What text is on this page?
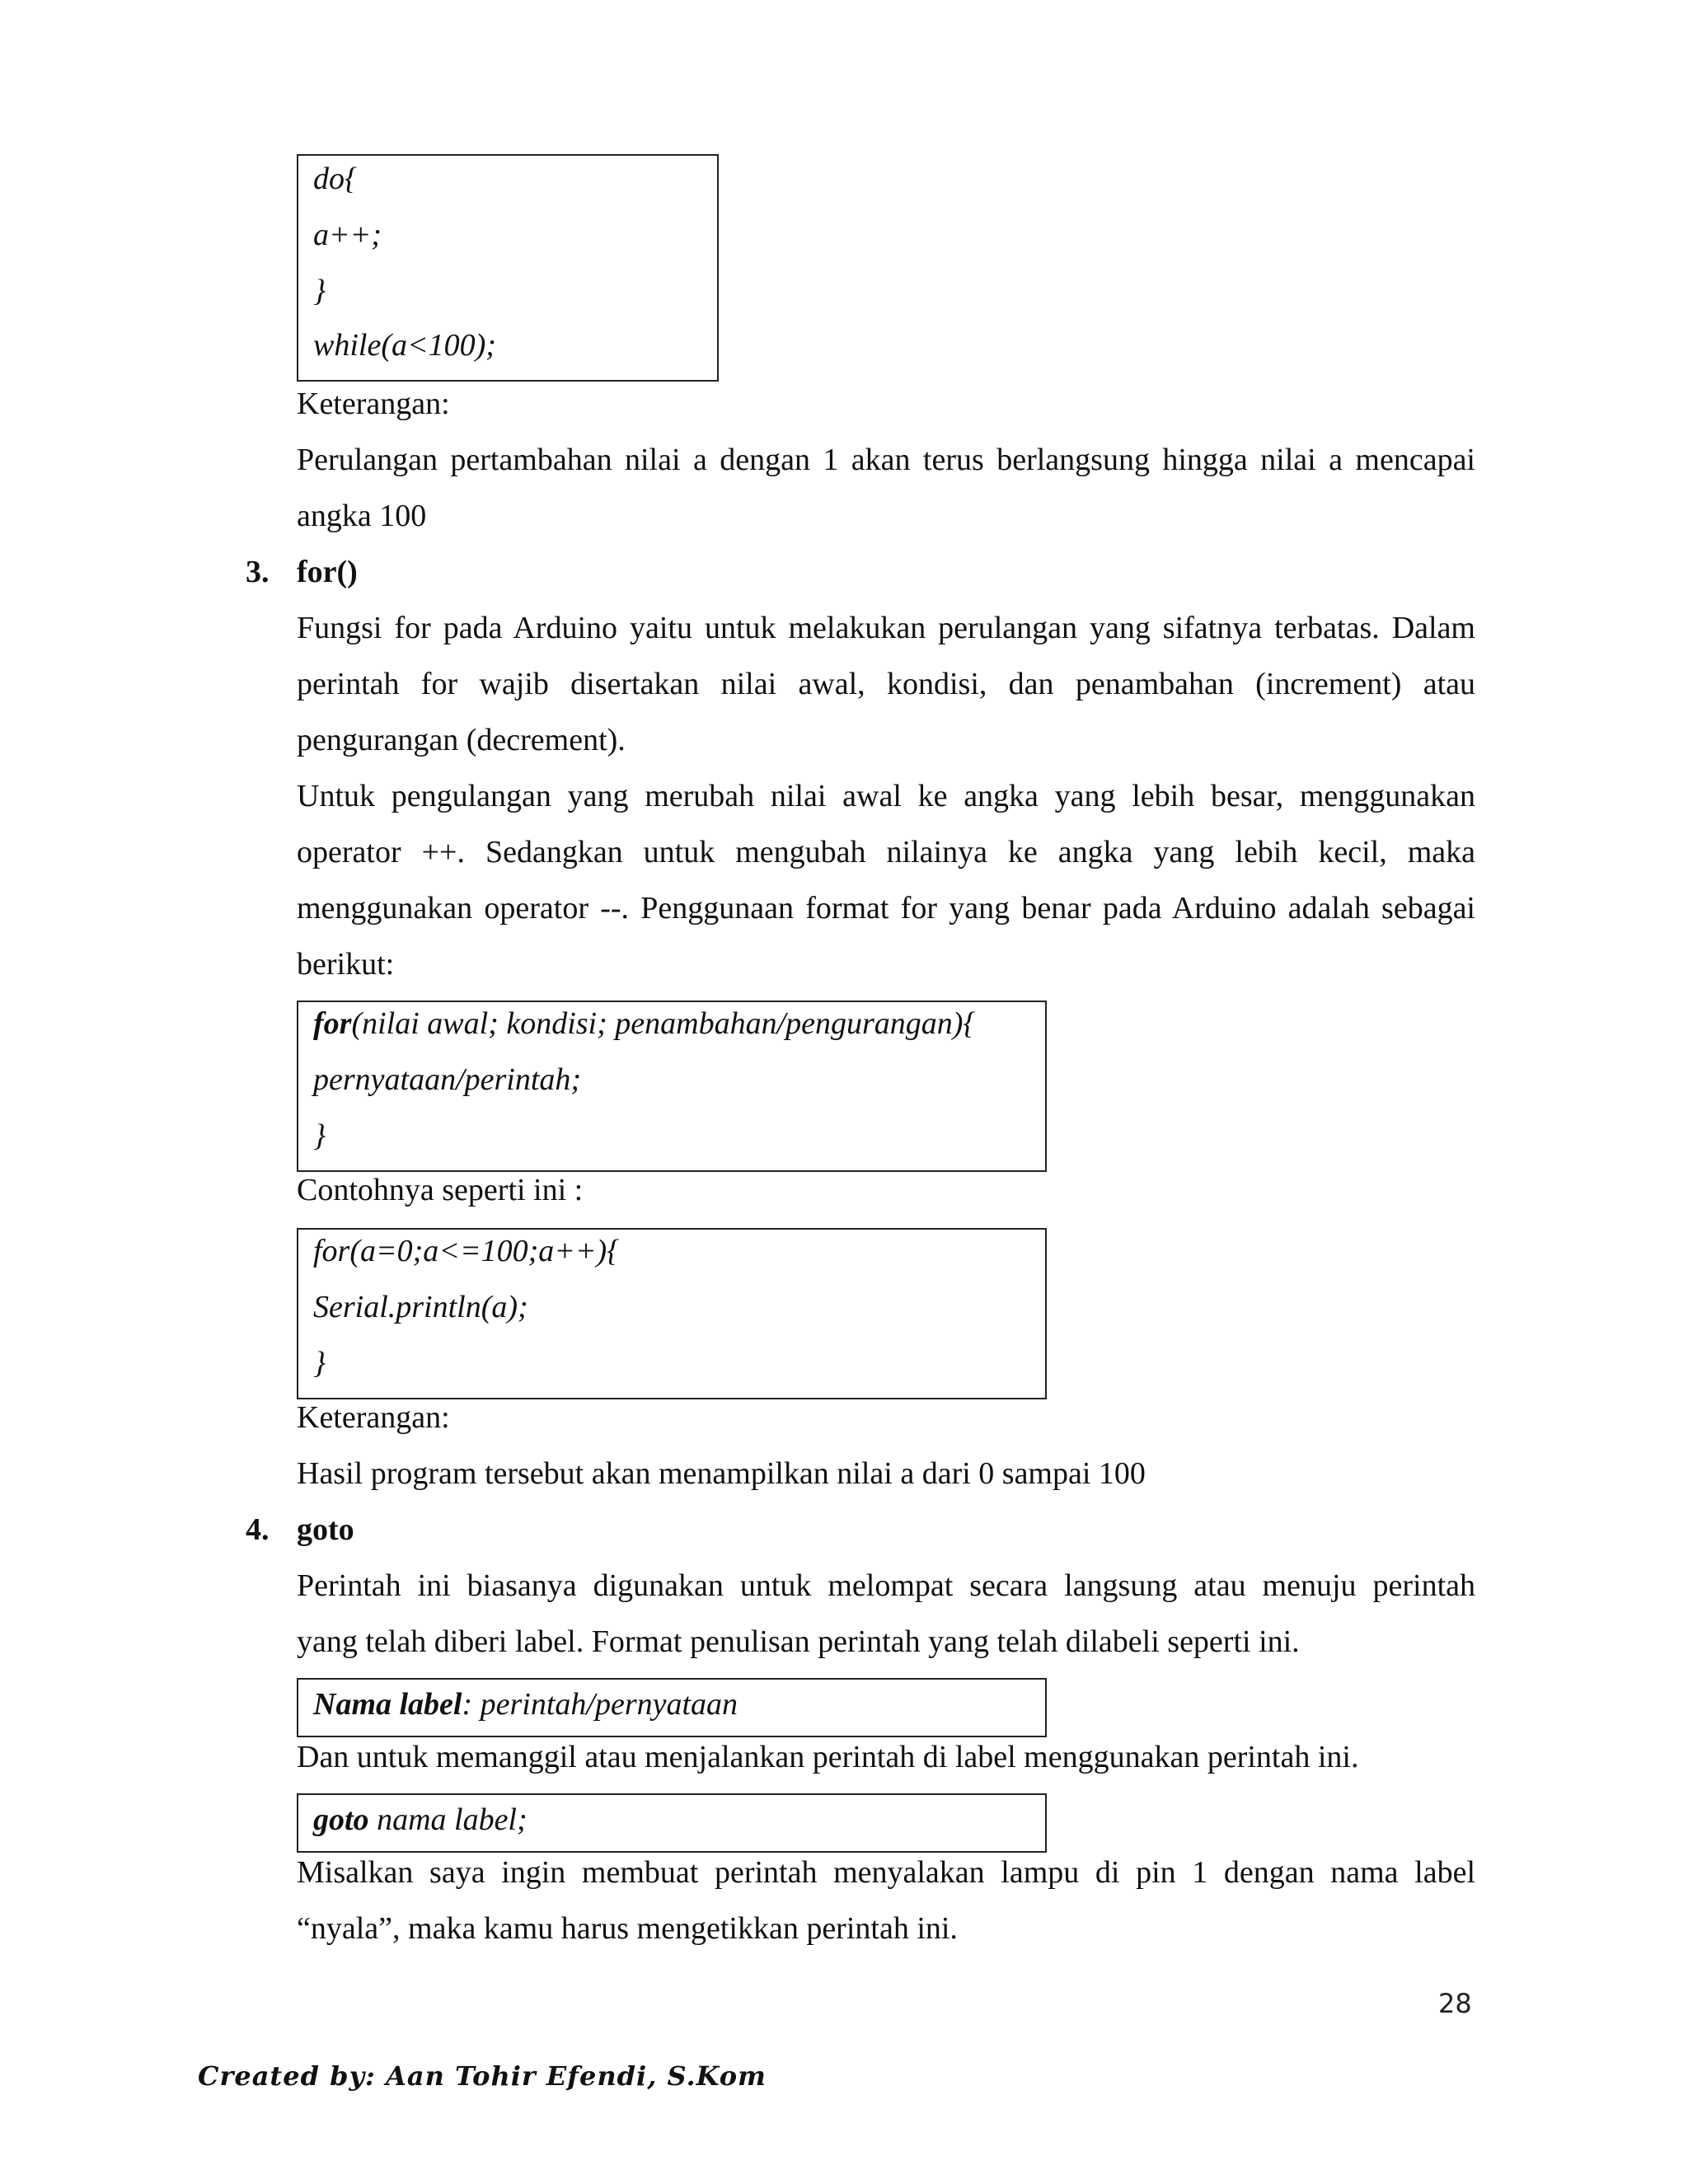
do{
a++;
}
while(a<100);
Keterangan:
Perulangan pertambahan nilai a dengan 1 akan terus berlangsung hingga nilai a mencapai
angka 100
3. for()
Fungsi for pada Arduino yaitu untuk melakukan perulangan yang sifatnya terbatas. Dalam
perintah for wajib disertakan nilai awal, kondisi, dan penambahan (increment) atau
pengurangan (decrement).
Untuk pengulangan yang merubah nilai awal ke angka yang lebih besar, menggunakan
operator ++. Sedangkan untuk mengubah nilainya ke angka yang lebih kecil, maka
menggunakan operator --. Penggunaan format for yang benar pada Arduino adalah sebagai
berikut:
for(nilai awal; kondisi; penambahan/pengurangan){
pernyataan/perintah;
}
Contohnya seperti ini :
for(a=0;a<=100;a++){
Serial.println(a);
}
Keterangan:
Hasil program tersebut akan menampilkan nilai a dari 0 sampai 100
4. goto
Perintah ini biasanya digunakan untuk melompat secara langsung atau menuju perintah
yang telah diberi label. Format penulisan perintah yang telah dilabeli seperti ini.
Nama label: perintah/pernyataan
Dan untuk memanggil atau menjalankan perintah di label menggunakan perintah ini.
goto nama label;
Misalkan saya ingin membuat perintah menyalakan lampu di pin 1 dengan nama label
“nyala”, maka kamu harus mengetikkan perintah ini.
28
Created by: Aan Tohir Efendi, S.Kom
